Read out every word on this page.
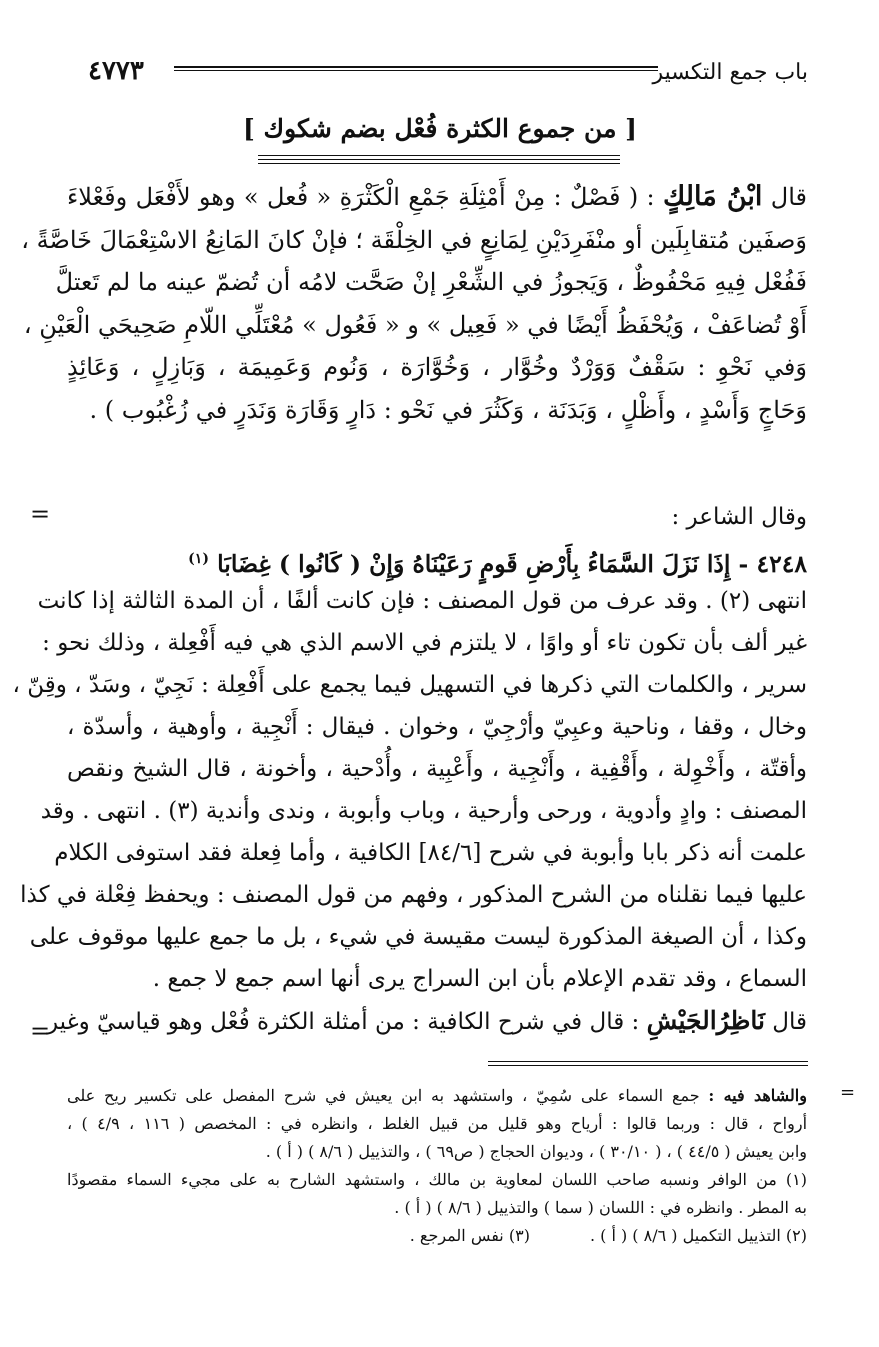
باب جمع التكسير
٤٧٧٣
[ من جموع الكثرة فُعْل بضم شكوك ]
قال ابْنُ مَالِكٍ : ( فَصْلٌ : مِنْ أَمْثِلَةِ جَمْعِ الْكَثْرَةِ « فُعل » وهو لأَفْعَل وفَعْلاءَ
وَصفَين مُتقابِلَين أو منْفَرِدَيْنِ لِمَانِعٍ في الخِلْقَة ؛ فإنْ كانَ المَانِعُ الاسْتِعْمَالَ خَاصَّةً ،
فَفُعْل فِيهِ مَحْفُوظٌ ، وَيَجوزُ في الشِّعْرِ إنْ صَحَّت لامُه أن تُضمّ عينه ما لم تَعتلَّ
أَوْ تُضاعَفْ ، وَيُحْفَظُ أَيْضًا في « فَعِيل » و « فَعُول » مُعْتَلِّي اللّامِ صَحِيحَي الْعَيْنِ ،
وَفي نَحْوِ : سَقْفٌ وَوَرْدٌ وخُوَّار ، وَخُوَّارَة ، وَنُوم وَعَمِيمَة ، وَبَازِلٍ ، وَعَائِذٍ
وَحَاجٍ وَأَسْدٍ ، وأَظْلٍ ، وَبَدَنَة ، وَكَثُرَ في نَحْو : دَارٍ وَقَارَة وَنَدَرٍ في زُغْبُوب ) .
=	وقال الشاعر :
٤٢٤٨ - إِذَا نَزَلَ السَّمَاءُ بِأَرْضِ قَومٍ رَعَيْنَاهُ وَإِنْ ( كَانُوا ) غِضَابَا $^{(١)}$
انتهى (٢) . وقد عرف من قول المصنف : فإن كانت ألفًا ، أن المدة الثالثة إذا كانت
غير ألف بأن تكون تاء أو واوًا ، لا يلتزم في الاسم الذي هي فيه أَفْعِلة ، وذلك نحو :
سرير ، والكلمات التي ذكرها في التسهيل فيما يجمع على أَفْعِلة : نَجِيّ ، وسَدّ ، وقِنّ ،
وخال ، وقفا ، وناحية وعبِيّ وأرْجِيّ ، وخوان . فيقال : أَنْجِية ، وأوهية ، وأسدّة ،
وأقتّة ، وأَخْوِلة ، وأَقْفِية ، وأَنْجِية ، وأَعْبِية ، وأُدْحية ، وأخونة ، قال الشيخ ونقص
المصنف : وادٍ وأدوية ، ورحى وأرحية ، وباب وأبوبة ، وندى وأندية (٣) . انتهى . وقد
علمت أنه ذكر بابا وأبوبة في شرح [٨٤/٦] الكافية ، وأما فِعلة فقد استوفى الكلام
عليها فيما نقلناه من الشرح المذكور ، وفهم من قول المصنف : ويحفظ فِعْلة في كذا
وكذا ، أن الصيغة المذكورة ليست مقيسة في شيء ، بل ما جمع عليها موقوف على
السماع ، وقد تقدم الإعلام بأن ابن السراج يرى أنها اسم جمع لا جمع .
قال نَاظِرُالجَيْشِ : قال في شرح الكافية : من أمثلة الكثرة فُعْل وهو قياسيّ وغير
=
=
والشاهد فيه : جمع السماء على سُمِيّ ، واستشهد به ابن يعيش في شرح المفصل على تكسير ريح على
أرواح ، قال : وربما قالوا : أرياح وهو قليل من قبيل الغلط ، وانظره في : المخصص ( ١١٦ ، ٤/٩ ) ،
وابن يعيش ( ٤٤/٥ ) ، ( ٣٠/١٠ ) ، وديوان الحجاج ( ص٦٩ ) ، والتذييل ( ٨/٦ ) ( أ ) .
(١) من الوافر ونسبه صاحب اللسان لمعاوية بن مالك ، واستشهد الشارح به على مجيء السماء مقصودًا
به المطر . وانظره في : اللسان ( سما ) والتذييل ( ٨/٦ ) ( أ ) .
(٢) التذييل التكميل ( ٨/٦ ) ( أ ) .(٣) نفس المرجع .
